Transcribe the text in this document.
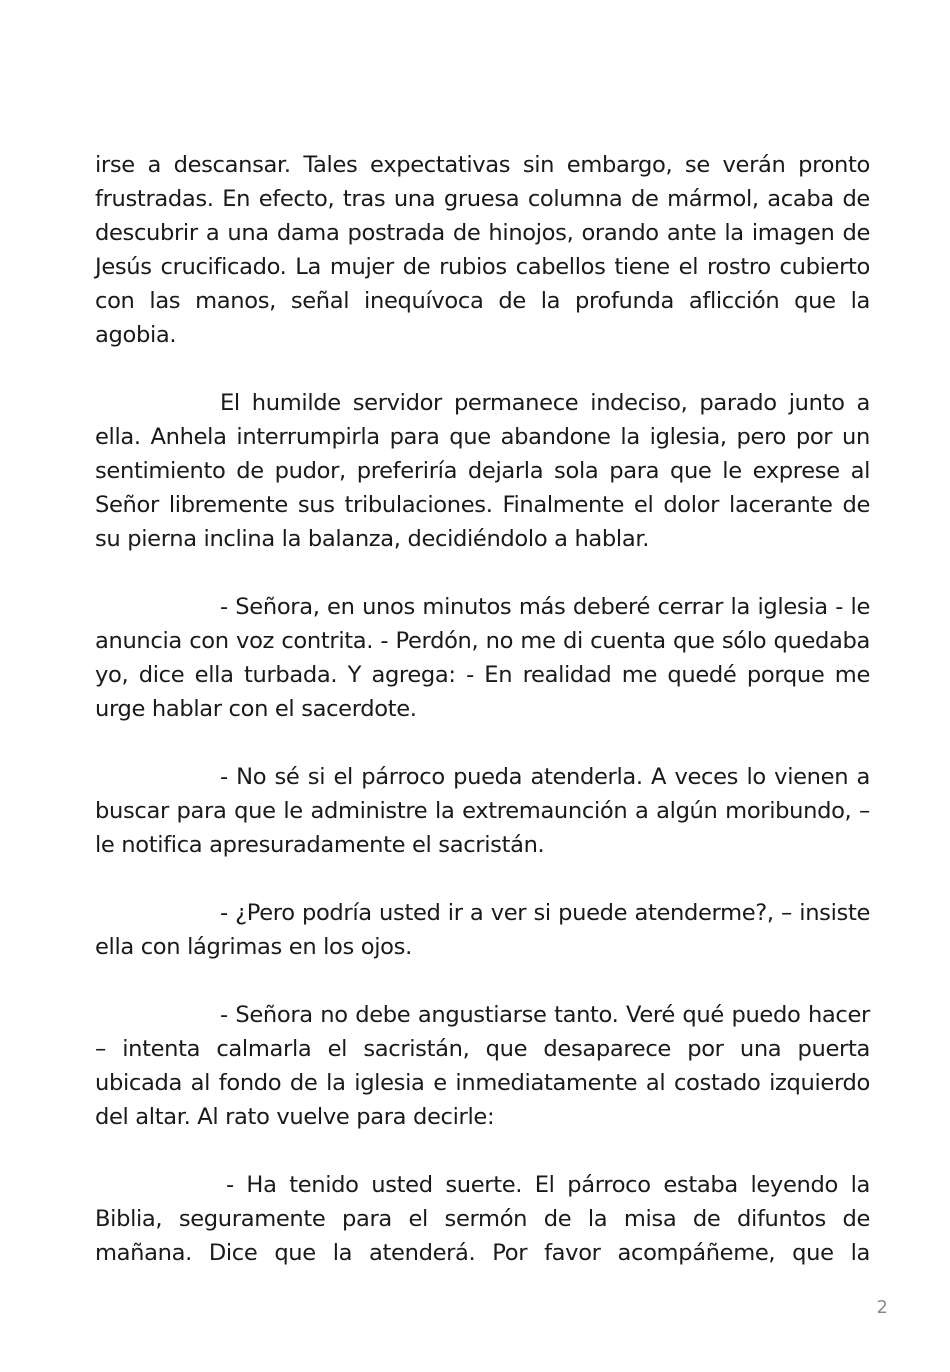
irse a descansar. Tales expectativas sin embargo, se verán pronto frustradas. En efecto, tras una gruesa columna de mármol, acaba de descubrir a una dama postrada de hinojos, orando ante la imagen de Jesús crucificado. La mujer de rubios cabellos tiene el rostro cubierto con las manos, señal inequívoca de la profunda aflicción que la agobia.

El humilde servidor permanece indeciso, parado junto a ella. Anhela interrumpirla para que abandone la iglesia, pero por un sentimiento de pudor, preferiría dejarla sola para que le exprese al Señor libremente sus tribulaciones. Finalmente el dolor lacerante de su pierna inclina la balanza, decidiéndolo a hablar.

- Señora, en unos minutos más deberé cerrar la iglesia - le anuncia con voz contrita. - Perdón, no me di cuenta que sólo quedaba yo, dice ella turbada. Y agrega: - En realidad me quedé porque me urge hablar con el sacerdote.

- No sé si el párroco pueda atenderla. A veces lo vienen a buscar para que le administre la extremaunción a algún moribundo, – le notifica apresuradamente el sacristán.

- ¿Pero podría usted ir a ver si puede atenderme?, – insiste ella con lágrimas en los ojos.

- Señora no debe angustiarse tanto. Veré qué puedo hacer – intenta calmarla el sacristán, que desaparece por una puerta ubicada al fondo de la iglesia e inmediatamente al costado izquierdo del altar. Al rato vuelve para decirle:

- Ha tenido usted suerte. El párroco estaba leyendo la Biblia, seguramente para el sermón de la misa de difuntos de mañana. Dice que la atenderá. Por favor acompáñeme, que la

2
